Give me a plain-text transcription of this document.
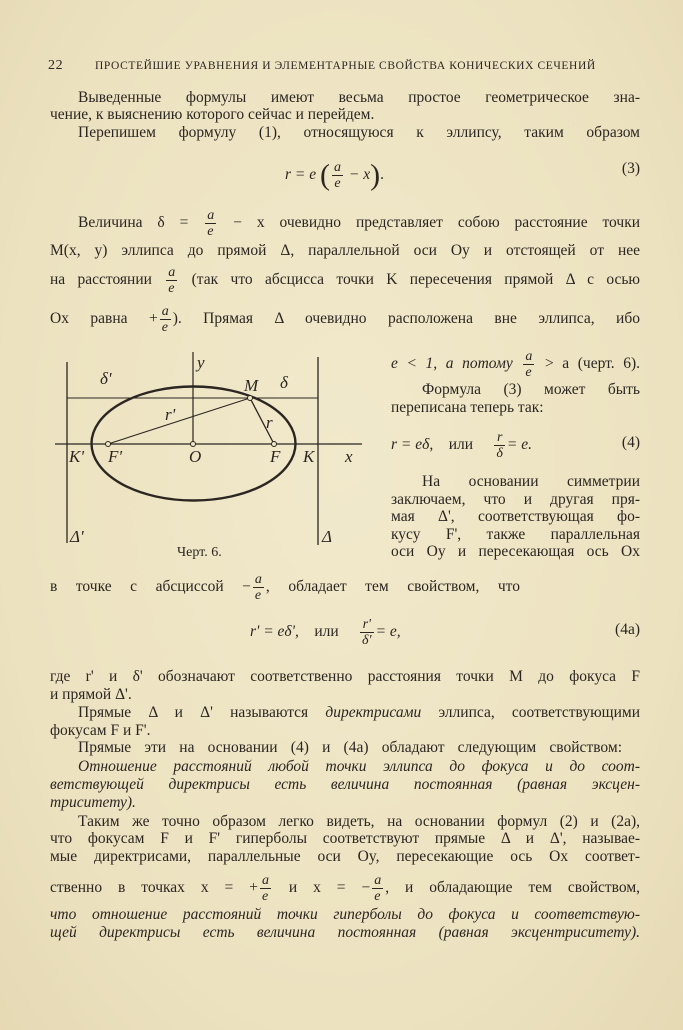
22	ПРОСТЕЙШИЕ УРАВНЕНИЯ И ЭЛЕМЕНТАРНЫЕ СВОЙСТВА КОНИЧЕСКИХ СЕЧЕНИЙ
Выведенные формулы имеют весьма простое геометрическое зна-
чение, к выяснению которого сейчас и перейдем.
Перепишем формулу (1), относящуюся к эллипсу, таким образом
r = e ( $\frac{a}{e} - x$).	(3)
Величина $\delta = \frac{a}{e} - x$ очевидно представляет собою расстояние точки
M(x, y) эллипса до прямой Δ, параллельной оси Oy и отстоящей от нее
на расстоянии $\frac{a}{e} (так$ что абсцисса точки K пересечения прямой Δ с осью
Ox равна + $\frac{a}{e}$ ). Прямая Δ очевидно расположена вне эллипса, ибо
y
x
M δ
δ'
r
r'
K' F'	O	F K
Δ'	Δ
Черт. 6.
e < 1, а потому $\frac{a}{e} > a$ (черт. 6).
Формула (3) может быть
переписана теперь так:
r = eδ, или $\frac{r}{\delta} = e$.	(4)
На основании симметрии
заключаем, что и другая пря-
мая Δ', соответствующая фо-
кусу F', также параллельная
оси Oy и пересекающая ось Ox
в точке с абсциссой − $\frac{a}{e}$ , обладает тем свойством, что
r' = eδ', или $\frac{r'}{\delta'} = e$,	(4a)
где r' и δ' обозначают соответственно расстояния точки M до фокуса F
и прямой Δ'.
Прямые Δ и Δ' называются директрисами эллипса, соответствующими
фокусам F и F'.
Прямые эти на основании (4) и (4a) обладают следующим свойством:
Отношение расстояний любой точки эллипса до фокуса и до соот-
ветствующей директрисы есть величина постоянная (равная эксцен-
триситету).
Таким же точно образом легко видеть, на основании формул (2) и (2a),
что фокусам F и F' гиперболы соответствуют прямые Δ и Δ', называе-
мые директрисами, параллельные оси Oy, пересекающие ось Ox соответ-
ственно в точках x = + $\frac{a}{e}$ и x = − $\frac{a}{e}$ , и обладающие тем свойством,
что отношение расстояний точки гиперболы до фокуса и соответствую-
щей директрисы есть величина постоянная (равная эксцентриситету).
